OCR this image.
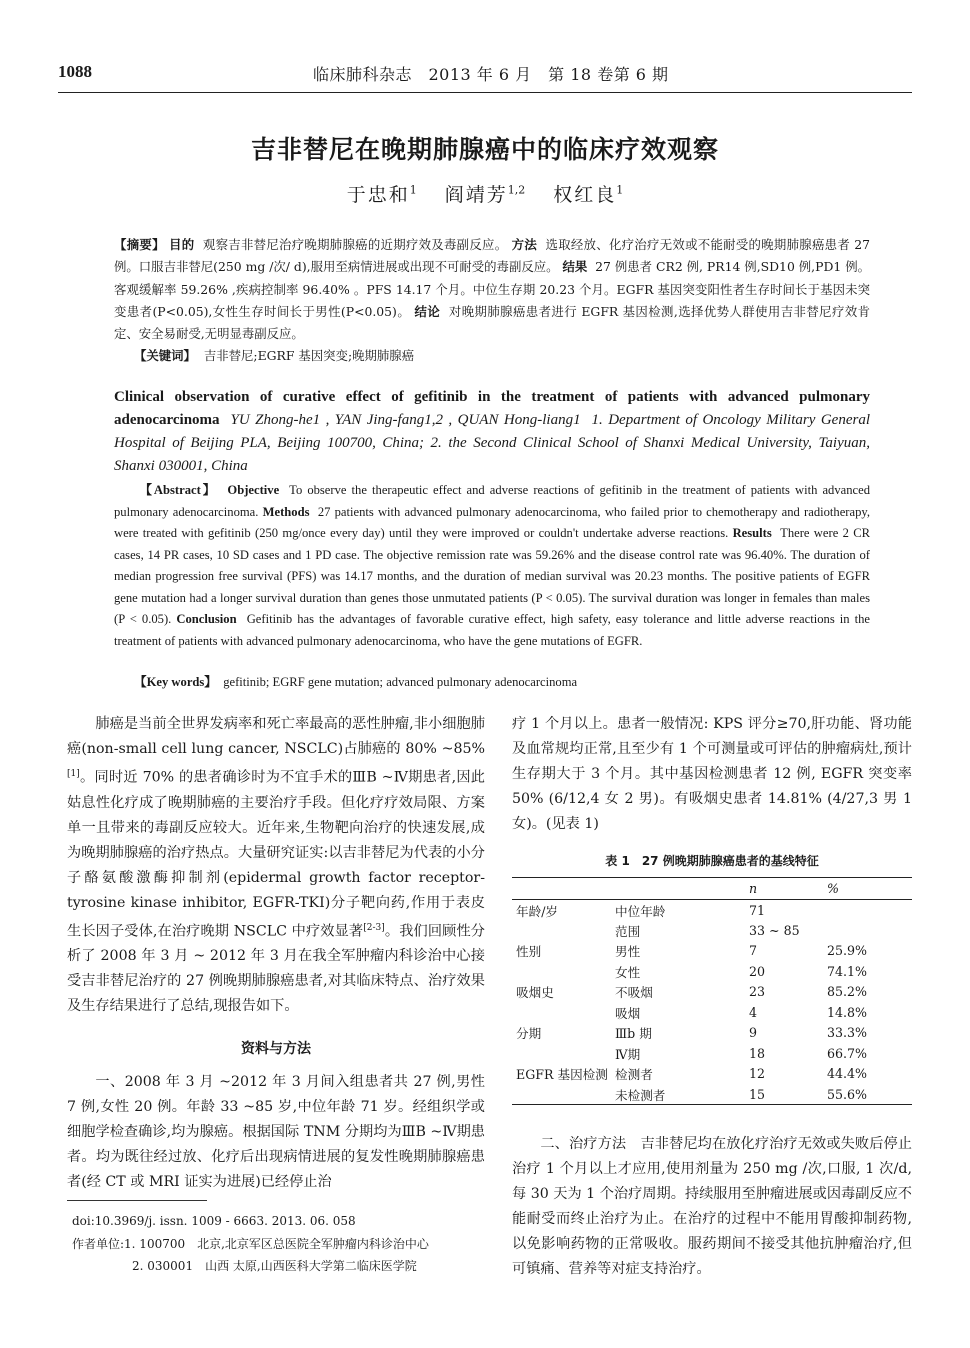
1088	临床肺科杂志　2013 年 6 月　第 18 卷第 6 期
吉非替尼在晚期肺腺癌中的临床疗效观察
于忠和$^1$ 阎靖芳$^{1,2}$ 权红良$^1$
【摘要】 目的 观察吉非替尼治疗晚期肺腺癌的近期疗效及毒副反应。 方法 选取经放、化疗治疗无效或不能耐受的晚期肺腺癌患者 27 例。口服吉非替尼(250 mg /次/ d),服用至病情进展或出现不可耐受的毒副反应。 结果 27 例患者 CR2 例, PR14 例,SD10 例,PD1 例。客观缓解率 59.26% ,疾病控制率 96.40% 。PFS 14.17 个月。中位生存期 20.23 个月。EGFR 基因突变阳性者生存时间长于基因未突变患者(P<0.05),女性生存时间长于男性(P<0.05)。 结论 对晚期肺腺癌患者进行 EGFR 基因检测,选择优势人群使用吉非替尼疗效肯定、安全易耐受,无明显毒副反应。
【关键词】 吉非替尼;EGRF 基因突变;晚期肺腺癌
Clinical observation of curative effect of gefitinib in the treatment of patients with advanced pulmonary adenocarcinoma YU Zhong-he1 , YAN Jing-fang1,2 , QUAN Hong-liang1 1. Department of Oncology Military General Hospital of Beijing PLA, Beijing 100700, China; 2. the Second Clinical School of Shanxi Medical University, Taiyuan, Shanxi 030001, China
【Abstract】 Objective To observe the therapeutic effect and adverse reactions of gefitinib in the treatment of patients with advanced pulmonary adenocarcinoma. Methods 27 patients with advanced pulmonary adenocarcinoma, who failed prior to chemotherapy and radiotherapy, were treated with gefitinib (250 mg/once every day) until they were improved or couldn't undertake adverse reactions. Results There were 2 CR cases, 14 PR cases, 10 SD cases and 1 PD case. The objective remission rate was 59.26% and the disease control rate was 96.40%. The duration of median progression free survival (PFS) was 14.17 months, and the duration of median survival was 20.23 months. The positive patients of EGFR gene mutation had a longer survival duration than genes those unmutated patients (P < 0.05). The survival duration was longer in females than males (P < 0.05). Conclusion Gefitinib has the advantages of favorable curative effect, high safety, easy tolerance and little adverse reactions in the treatment of patients with advanced pulmonary adenocarcinoma, who have the gene mutations of EGFR.
【Key words】 gefitinib; EGRF gene mutation; advanced pulmonary adenocarcinoma

肺癌是当前全世界发病率和死亡率最高的恶性肿瘤,非小细胞肺癌(non-small cell lung cancer, NSCLC)占肺癌的 80% ~85%[1]。同时近 70% 的患者确诊时为不宜手术的ⅢB ~Ⅳ期患者,因此姑息性化疗成了晚期肺癌的主要治疗手段。但化疗疗效局限、方案单一且带来的毒副反应较大。近年来,生物靶向治疗的快速发展,成为晚期肺腺癌的治疗热点。大量研究证实:以吉非替尼为代表的小分子酪氨酸激酶抑制剂(epidermal growth factor receptor-tyrosine kinase inhibitor, EGFR-TKI)分子靶向药,作用于表皮生长因子受体,在治疗晚期 NSCLC 中疗效显著[2-3]。我们回顾性分析了 2008 年 3 月 ~ 2012 年 3 月在我全军肿瘤内科诊治中心接受吉非替尼治疗的 27 例晚期肺腺癌患者,对其临床特点、治疗效果及生存结果进行了总结,现报告如下。

资料与方法

一、2008 年 3 月 ~2012 年 3 月间入组患者共 27 例,男性 7 例,女性 20 例。年龄 33 ~85 岁,中位年龄 71 岁。经组织学或细胞学检查确诊,均为腺癌。根据国际 TNM 分期均为ⅢB ~Ⅳ期患者。均为既往经过放、化疗后出现病情进展的复发性晚期肺腺癌患者(经 CT 或 MRI 证实为进展)已经停止治

doi:10.3969/j. issn. 1009 - 6663. 2013. 06. 058
作者单位:1. 100700　北京,北京军区总医院全军肿瘤内科诊治中心
2. 030001　山西 太原,山西医科大学第二临床医学院

疗 1 个月以上。患者一般情况: KPS 评分≥70,肝功能、肾功能及血常规均正常,且至少有 1 个可测量或可评估的肿瘤病灶,预计生存期大于 3 个月。其中基因检测患者 12 例, EGFR 突变率 50% (6/12,4 女 2 男)。有吸烟史患者 14.81% (4/27,3 男 1 女)。(见表 1)

表 1　27 例晚期肺腺癌患者的基线特征
		n	%
年龄/岁	中位年龄	71	
	范围	33 ~ 85	
性别	男性	7	25.9%
	女性	20	74.1%
吸烟史	不吸烟	23	85.2%
	吸烟	4	14.8%
分期	Ⅲb 期	9	33.3%
	Ⅳ期	18	66.7%
EGFR 基因检测	检测者	12	44.4%
	未检测者	15	55.6%

二、治疗方法　吉非替尼均在放化疗治疗无效或失败后停止治疗 1 个月以上才应用,使用剂量为 250 mg /次,口服, 1 次/d, 每 30 天为 1 个治疗周期。持续服用至肿瘤进展或因毒副反应不能耐受而终止治疗为止。在治疗的过程中不能用胃酸抑制药物,以免影响药物的正常吸收。服药期间不接受其他抗肿瘤治疗,但可镇痛、营养等对症支持治疗。
